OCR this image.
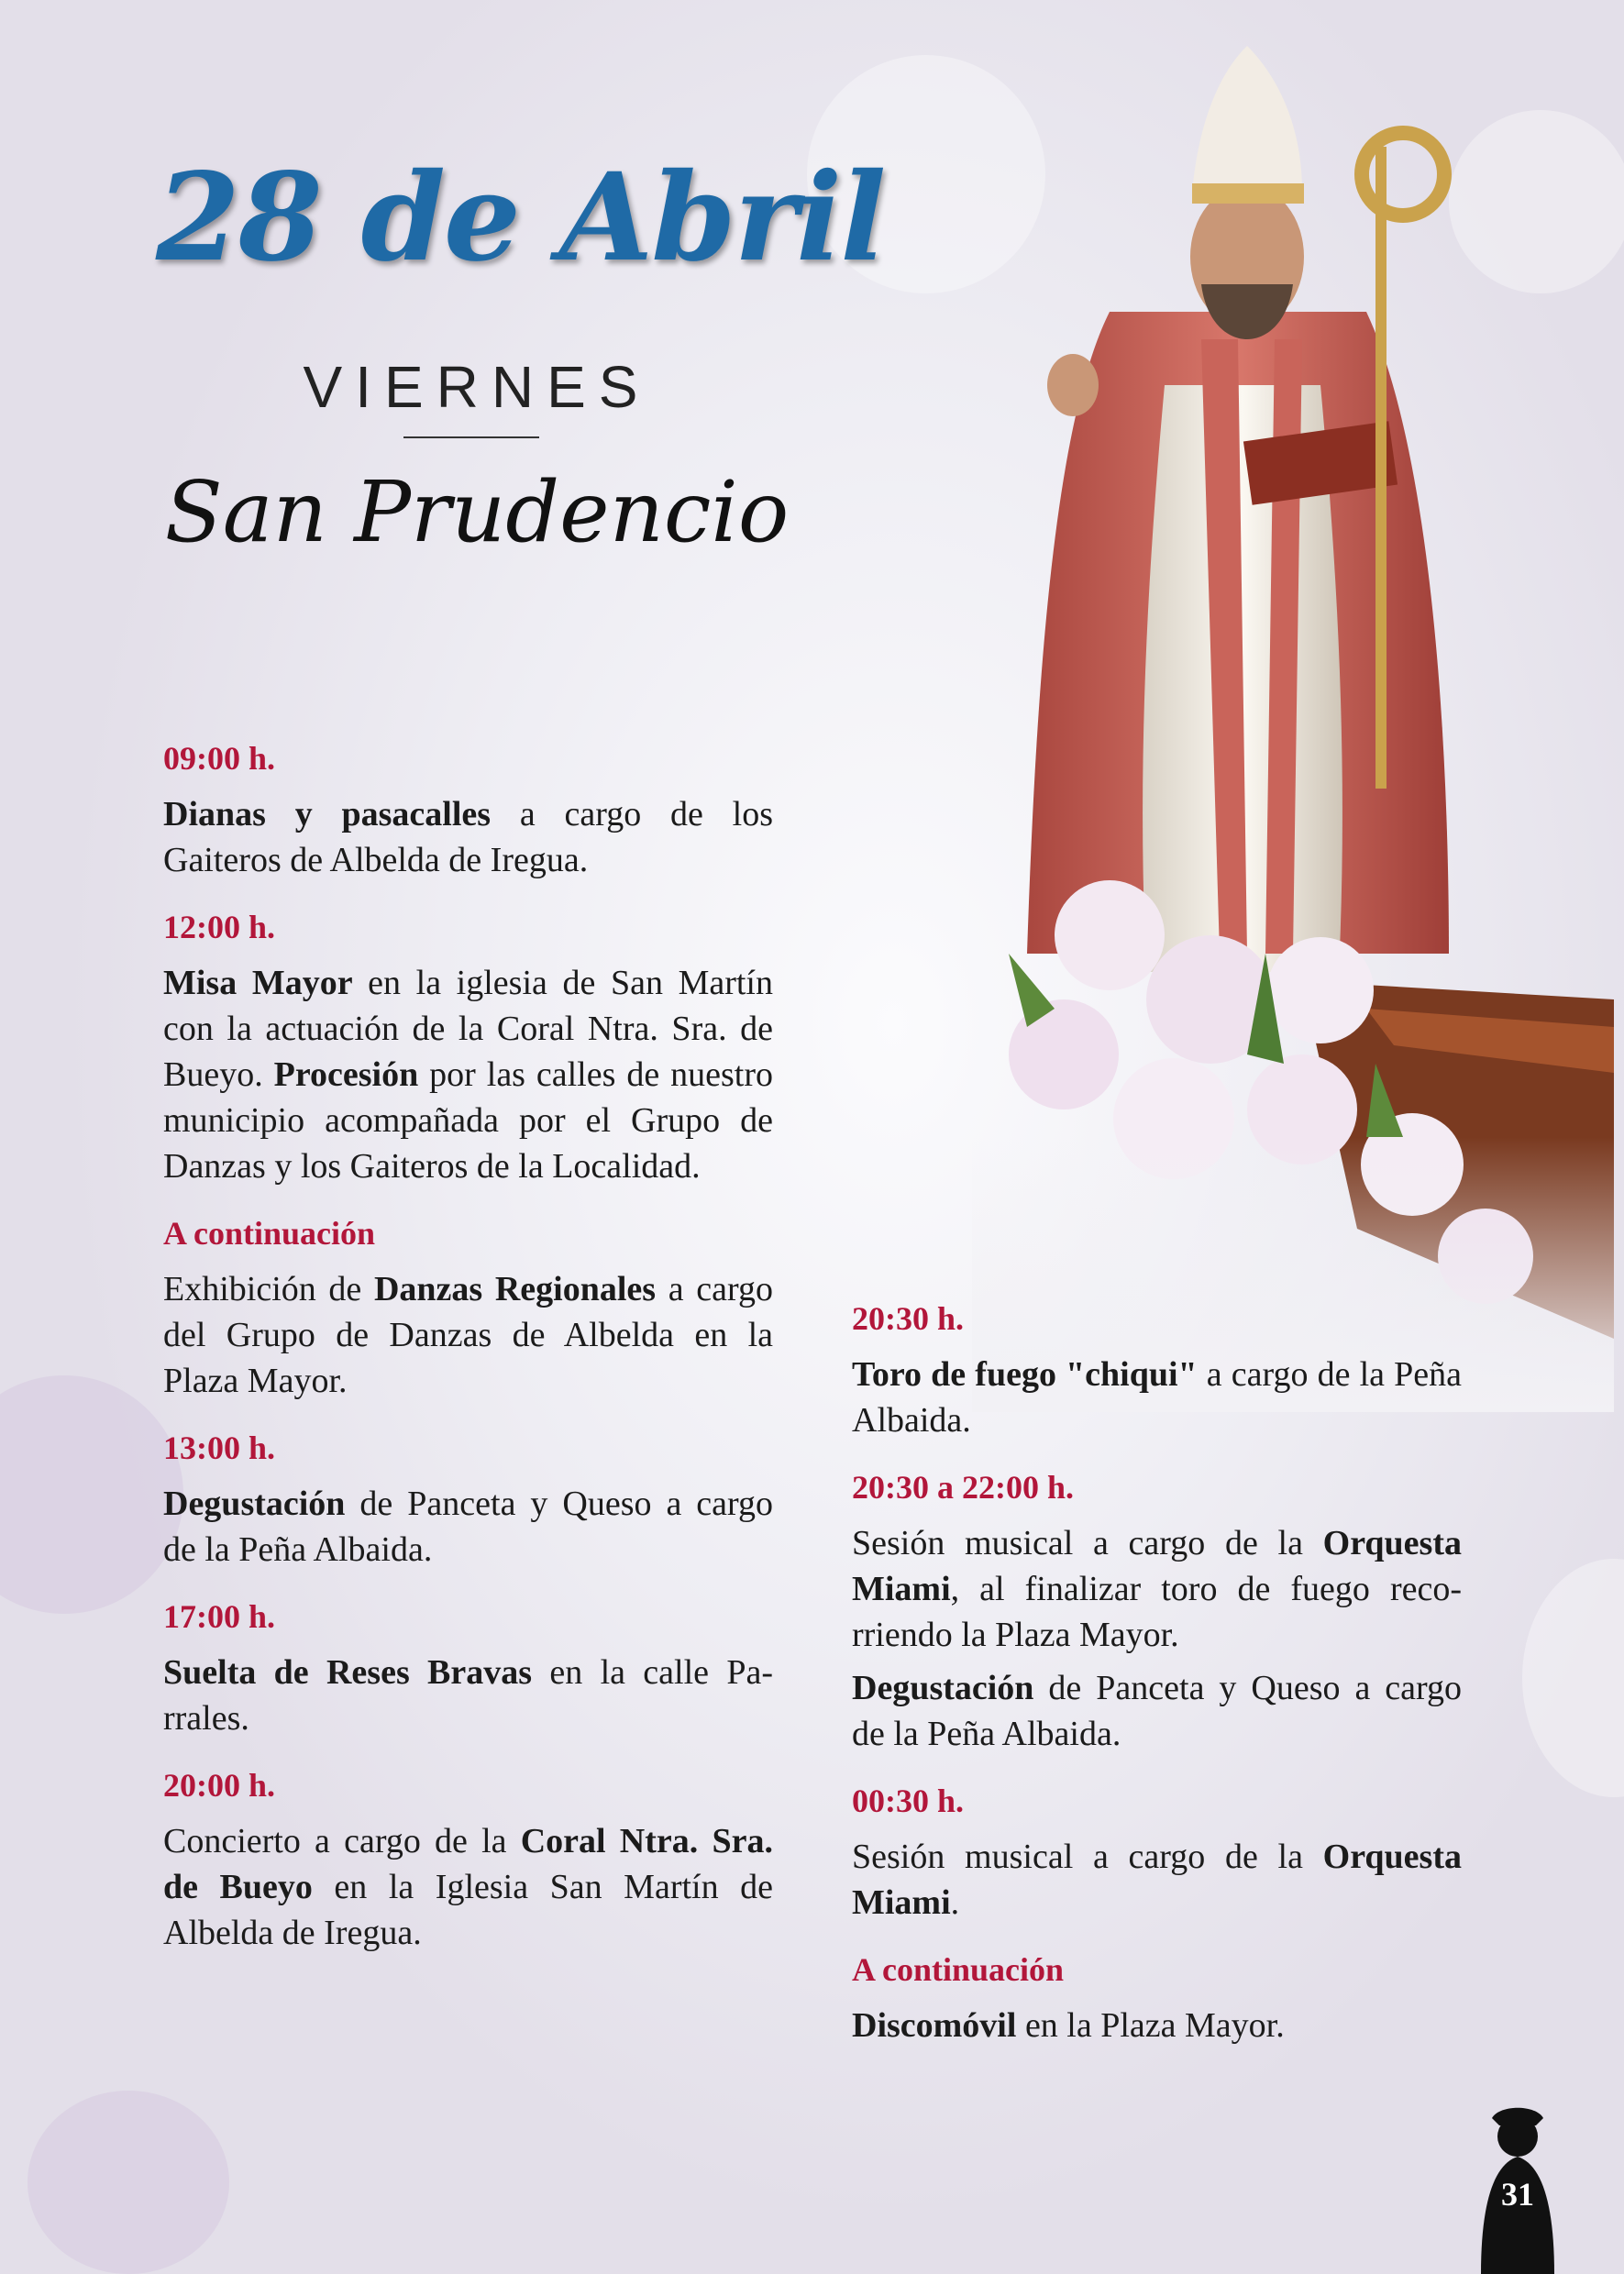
28 de Abril
VIERNES
San Prudencio
09:00 h.
Dianas y pasacalles a cargo de los Gaiteros de Albelda de Iregua.
12:00 h.
Misa Mayor en la iglesia de San Martín con la actuación de la Coral Ntra. Sra. de Bueyo. Procesión por las calles de nuestro municipio acompañada por el Grupo de Danzas y los Gaiteros de la Localidad.
A continuación
Exhibición de Danzas Regionales a cargo del Grupo de Danzas de Albelda en la Plaza Mayor.
13:00 h.
Degustación de Panceta y Queso a cargo de la Peña Albaida.
17:00 h.
Suelta de Reses Bravas en la calle Parrales.
20:00 h.
Concierto a cargo de la Coral Ntra. Sra. de Bueyo en la Iglesia San Martín de Albelda de Iregua.
20:30 h.
Toro de fuego "chiqui" a cargo de la Peña Albaida.
20:30 a 22:00 h.
Sesión musical a cargo de la Orquesta Miami, al finalizar toro de fuego recorriendo la Plaza Mayor.
Degustación de Panceta y Queso a cargo de la Peña Albaida.
00:30 h.
Sesión musical a cargo de la Orquesta Miami.
A continuación
Discomóvil en la Plaza Mayor.
31
